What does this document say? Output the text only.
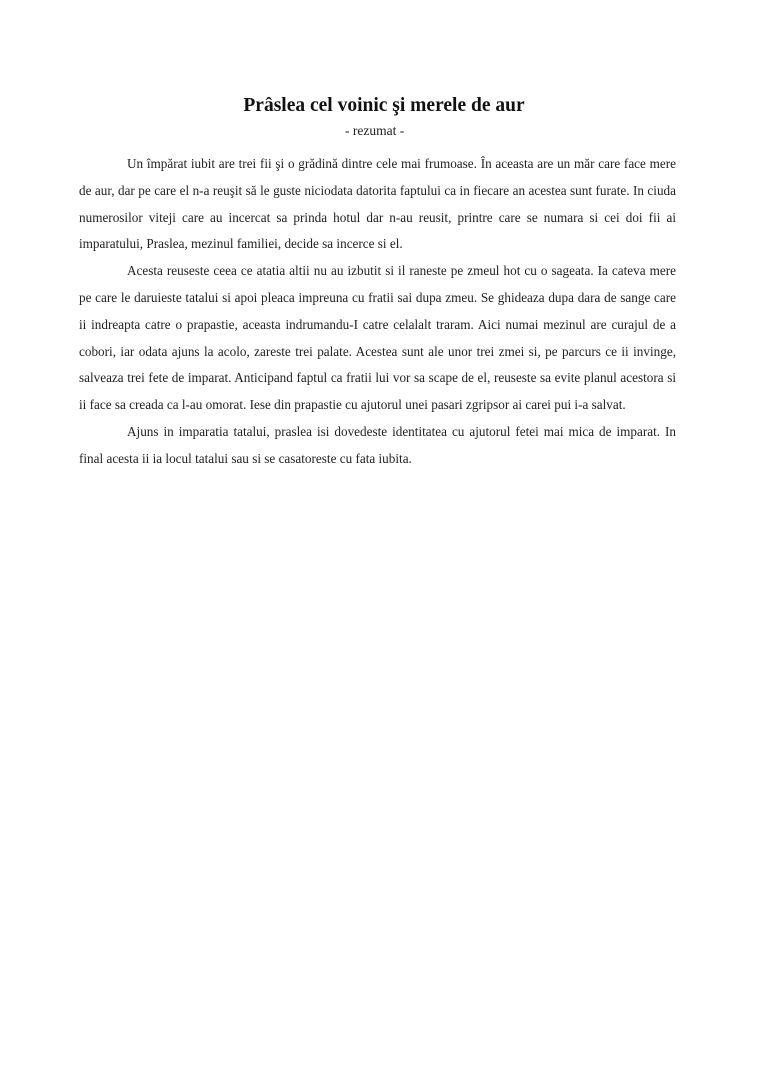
Prâslea cel voinic şi merele de aur
- rezumat -

Un împărat iubit are trei fii şi o grădină dintre cele mai frumoase. În aceasta are un măr care face mere de aur, dar pe care el n-a reuşit să le guste niciodata datorita faptului ca in fiecare an acestea sunt furate. In ciuda numerosilor viteji care au incercat sa prinda hotul dar n-au reusit, printre care se numara si cei doi fii ai imparatului, Praslea, mezinul familiei, decide sa incerce si el.

Acesta reuseste ceea ce atatia altii nu au izbutit si il raneste pe zmeul hot cu o sageata. Ia cateva mere pe care le daruieste tatalui si apoi pleaca impreuna cu fratii sai dupa zmeu. Se ghideaza dupa dara de sange care ii indreapta catre o prapastie, aceasta indrumandu-I catre celalalt traram. Aici numai mezinul are curajul de a cobori, iar odata ajuns la acolo, zareste trei palate. Acestea sunt ale unor trei zmei si, pe parcurs ce ii invinge, salveaza trei fete de imparat. Anticipand faptul ca fratii lui vor sa scape de el, reuseste sa evite planul acestora si ii face sa creada ca l-au omorat. Iese din prapastie cu ajutorul unei pasari zgripsor ai carei pui i-a salvat.

Ajuns in imparatia tatalui, praslea isi dovedeste identitatea cu ajutorul fetei mai mica de imparat. In final acesta ii ia locul tatalui sau si se casatoreste cu fata iubita.
